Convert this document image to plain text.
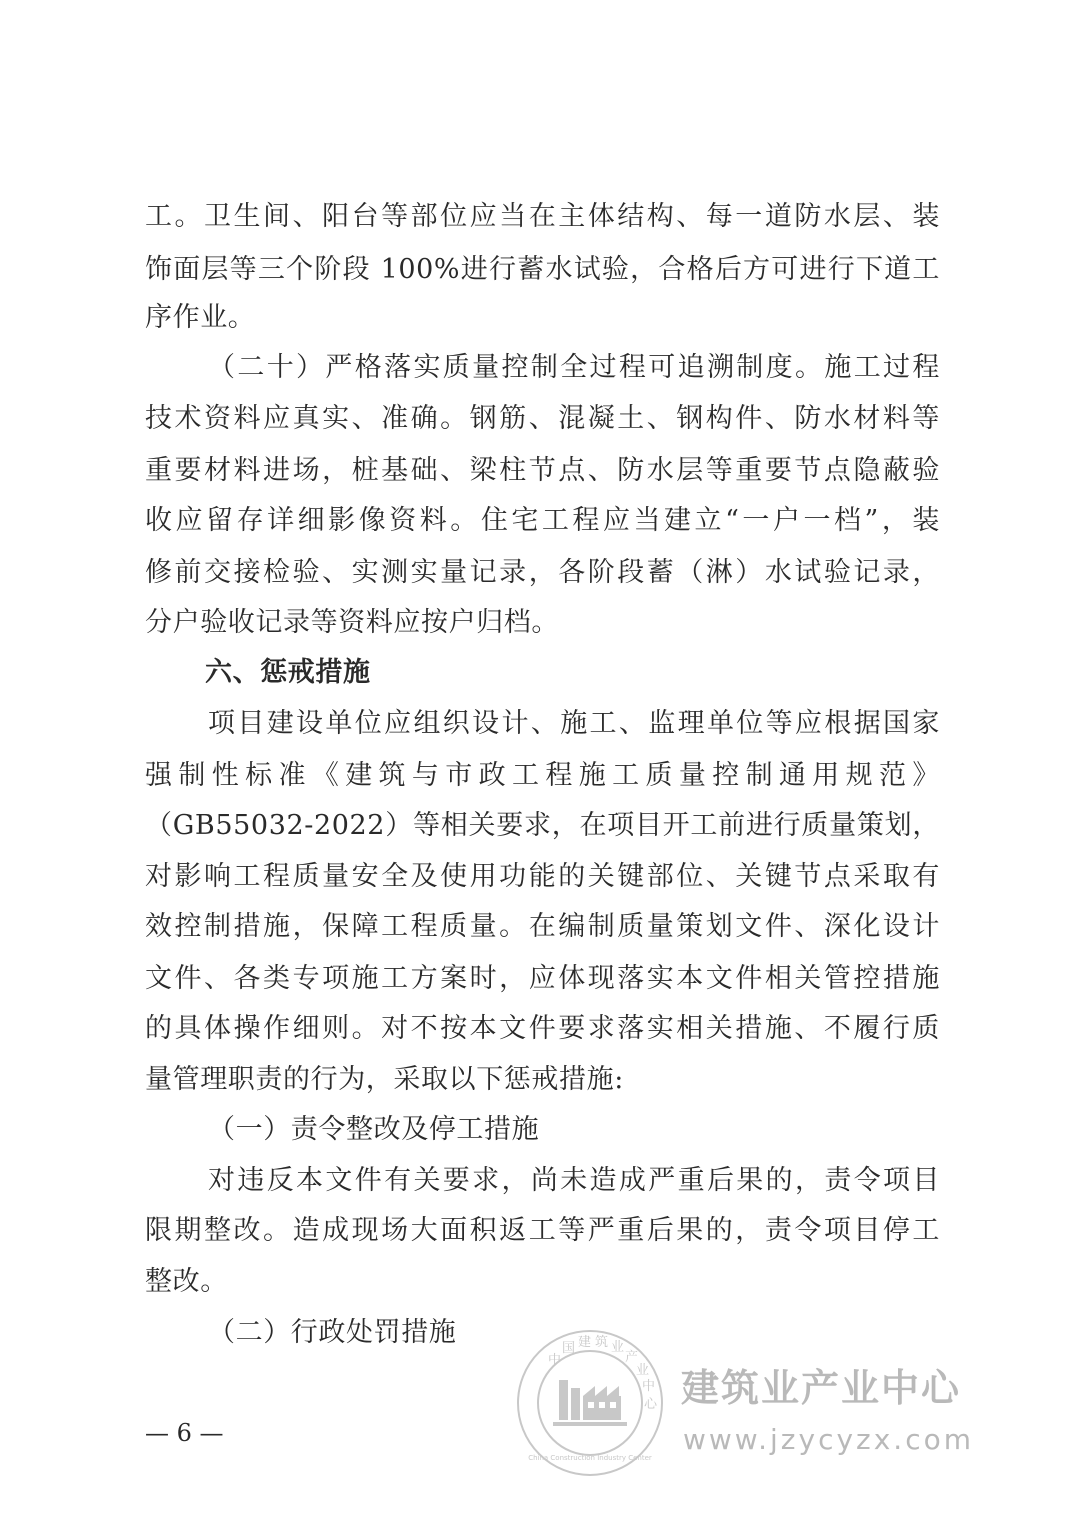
工。卫生间、阳台等部位应当在主体结构、每一道防水层、装
饰面层等三个阶段 100%进行蓄水试验，合格后方可进行下道工
序作业。
（二十）严格落实质量控制全过程可追溯制度。施工过程
技术资料应真实、准确。钢筋、混凝土、钢构件、防水材料等
重要材料进场，桩基础、梁柱节点、防水层等重要节点隐蔽验
收应留存详细影像资料。住宅工程应当建立“一户一档”，装
修前交接检验、实测实量记录，各阶段蓄（淋）水试验记录，
分户验收记录等资料应按户归档。
六、惩戒措施
项目建设单位应组织设计、施工、监理单位等应根据国家
强制性标准《建筑与市政工程施工质量控制通用规范》
（GB55032-2022）等相关要求，在项目开工前进行质量策划，
对影响工程质量安全及使用功能的关键部位、关键节点采取有
效控制措施，保障工程质量。在编制质量策划文件、深化设计
文件、各类专项施工方案时，应体现落实本文件相关管控措施
的具体操作细则。对不按本文件要求落实相关措施、不履行质
量管理职责的行为，采取以下惩戒措施:
（一）责令整改及停工措施
对违反本文件有关要求，尚未造成严重后果的，责令项目
限期整改。造成现场大面积返工等严重后果的，责令项目停工
整改。
（二）行政处罚措施
— 6 —
中
国 建 筑 业
产
业
中
心
China Construction Industry Center
建筑业产业中心
www.jzycyzx.com
